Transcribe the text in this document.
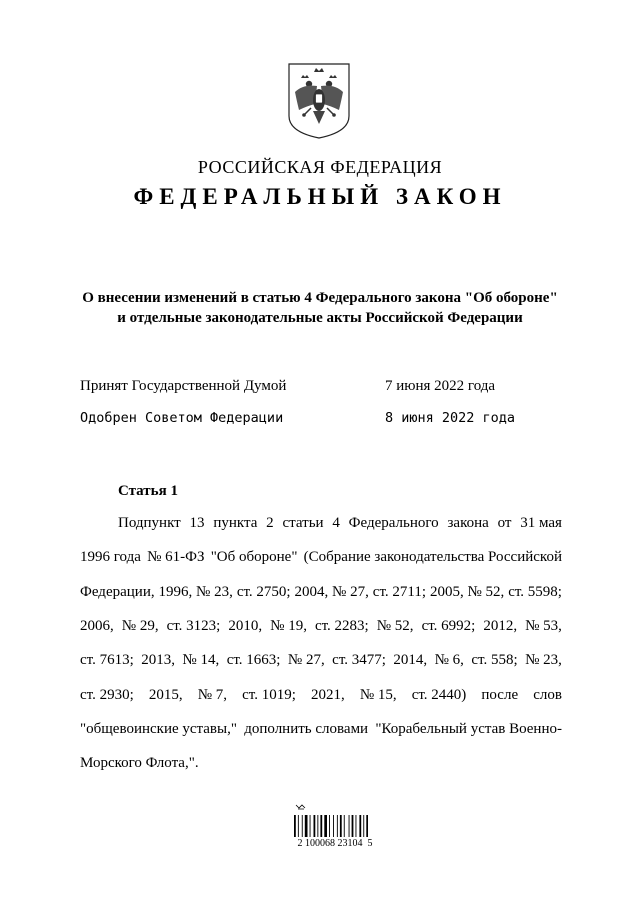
РОССИЙСКАЯ ФЕДЕРАЦИЯ
ФЕДЕРАЛЬНЫЙ ЗАКОН
О внесении изменений в статью 4 Федерального закона "Об обороне"
и отдельные законодательные акты Российской Федерации
Принят Государственной Думой	7 июня 2022 года
Одобрен Советом Федерации	8 июня 2022 года
Статья 1
Подпункт 13 пункта 2 статьи 4 Федерального закона от 31 мая
1996 года № 61-ФЗ "Об обороне" (Собрание законодательства Российской
Федерации, 1996, № 23, ст. 2750; 2004, № 27, ст. 2711; 2005, № 52, ст. 5598;
2006, № 29, ст. 3123; 2010, № 19, ст. 2283; № 52, ст. 6992; 2012, № 53,
ст. 7613; 2013, № 14, ст. 1663; № 27, ст. 3477; 2014, № 6, ст. 558; № 23,
ст. 2930; 2015, № 7, ст. 1019; 2021, № 15, ст. 2440) после слов
"общевоинские уставы," дополнить словами "Корабельный устав Военно-
Морского Флота,".
2 100068 23104  5
